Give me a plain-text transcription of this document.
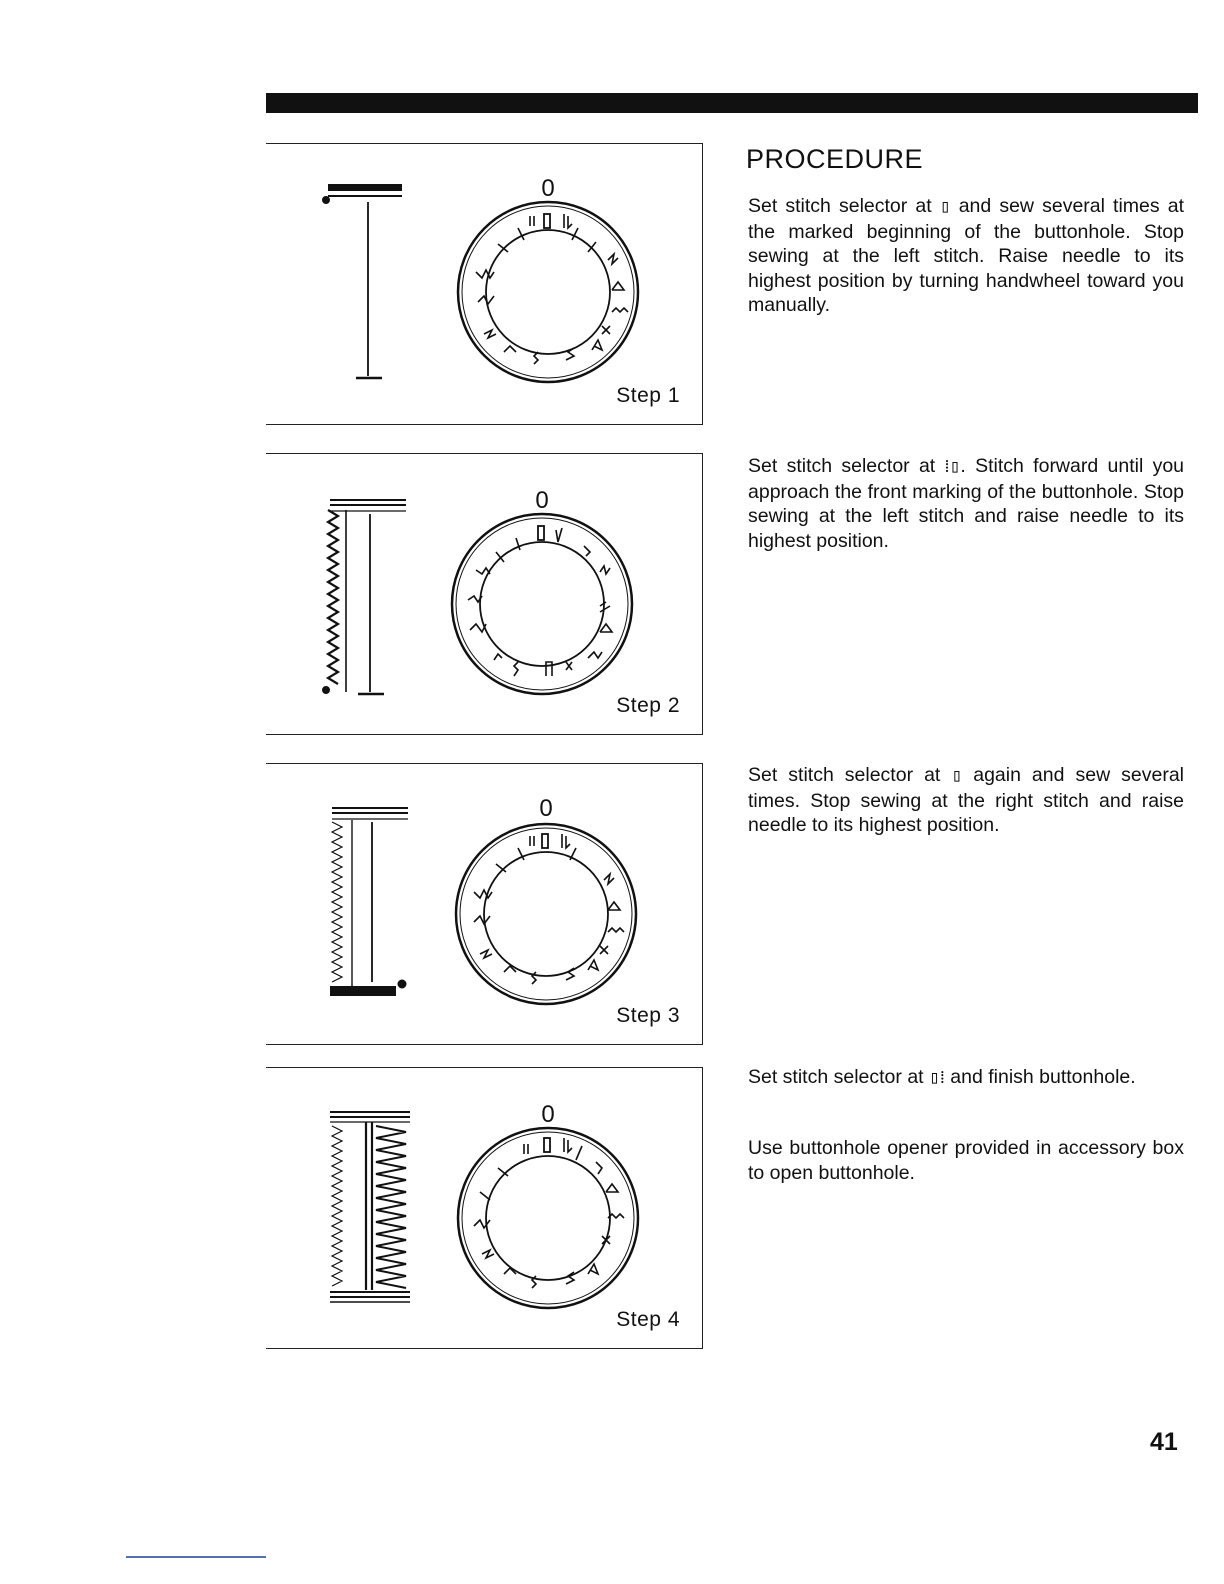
0
Step 1
0
Step 2
0
Step 3
0
Step 4
PROCEDURE

Set stitch selector at ▯ and sew several times at the marked beginning of the buttonhole. Stop sewing at the left stitch. Raise needle to its highest position by turning handwheel toward you manually.

Set stitch selector at ⁞▯. Stitch forward until you approach the front marking of the buttonhole. Stop sewing at the left stitch and raise needle to its highest position.

Set stitch selector at ▯ again and sew several times. Stop sewing at the right stitch and raise needle to its highest position.

Set stitch selector at ▯⁞ and finish buttonhole.

Use buttonhole opener provided in accessory box to open buttonhole.

41
